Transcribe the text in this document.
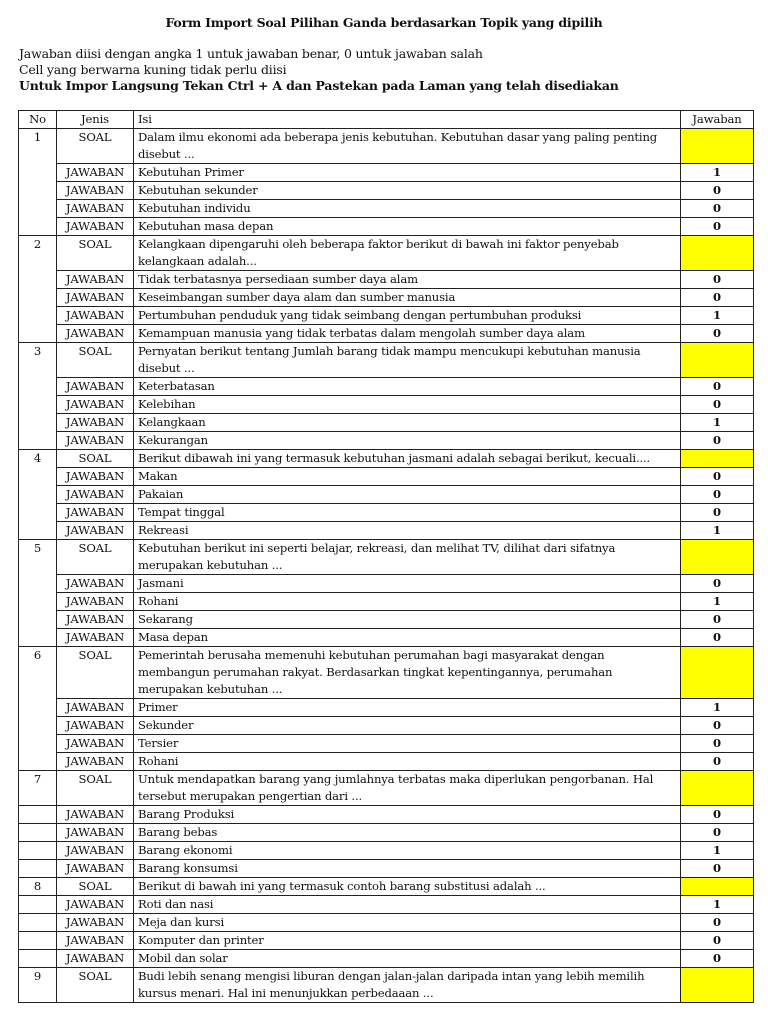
Form Import Soal Pilihan Ganda berdasarkan Topik yang dipilih
Jawaban diisi dengan angka 1 untuk jawaban benar, 0 untuk jawaban salah
Cell yang berwarna kuning tidak perlu diisi
Untuk Impor Langsung Tekan Ctrl + A dan Pastekan pada Laman yang telah disediakan
No	Jenis	Isi	Jawaban
1	SOAL	Dalam ilmu ekonomi ada beberapa jenis kebutuhan. Kebutuhan dasar yang paling penting disebut ...	
	JAWABAN	Kebutuhan Primer	1
	JAWABAN	Kebutuhan sekunder	0
	JAWABAN	Kebutuhan individu	0
	JAWABAN	Kebutuhan masa depan	0
2	SOAL	Kelangkaan dipengaruhi oleh beberapa faktor berikut di bawah ini faktor penyebab kelangkaan adalah...	
	JAWABAN	Tidak terbatasnya persediaan sumber daya alam	0
	JAWABAN	Keseimbangan sumber daya alam dan sumber manusia	0
	JAWABAN	Pertumbuhan penduduk yang tidak seimbang dengan pertumbuhan produksi	1
	JAWABAN	Kemampuan manusia yang tidak terbatas dalam mengolah sumber daya alam	0
3	SOAL	Pernyatan berikut tentang Jumlah barang tidak mampu mencukupi kebutuhan manusia disebut ...	
	JAWABAN	Keterbatasan	0
	JAWABAN	Kelebihan	0
	JAWABAN	Kelangkaan	1
	JAWABAN	Kekurangan	0
4	SOAL	Berikut dibawah ini yang termasuk kebutuhan jasmani adalah sebagai berikut, kecuali....	
	JAWABAN	Makan	0
	JAWABAN	Pakaian	0
	JAWABAN	Tempat tinggal	0
	JAWABAN	Rekreasi	1
5	SOAL	Kebutuhan berikut ini seperti belajar, rekreasi, dan melihat TV, dilihat dari sifatnya merupakan kebutuhan ...	
	JAWABAN	Jasmani	0
	JAWABAN	Rohani	1
	JAWABAN	Sekarang	0
	JAWABAN	Masa depan	0
6	SOAL	Pemerintah berusaha memenuhi kebutuhan perumahan bagi masyarakat dengan membangun perumahan rakyat. Berdasarkan tingkat kepentingannya, perumahan merupakan kebutuhan ...	
	JAWABAN	Primer	1
	JAWABAN	Sekunder	0
	JAWABAN	Tersier	0
	JAWABAN	Rohani	0
7	SOAL	Untuk mendapatkan barang yang jumlahnya terbatas maka diperlukan pengorbanan. Hal tersebut merupakan pengertian dari ...	
	JAWABAN	Barang Produksi	0
	JAWABAN	Barang bebas	0
	JAWABAN	Barang ekonomi	1
	JAWABAN	Barang konsumsi	0
8	SOAL	Berikut di bawah ini yang termasuk contoh barang substitusi adalah ...	
	JAWABAN	Roti dan nasi	1
	JAWABAN	Meja dan kursi	0
	JAWABAN	Komputer dan printer	0
	JAWABAN	Mobil dan solar	0
9	SOAL	Budi lebih senang mengisi liburan dengan jalan-jalan daripada intan yang lebih memilih kursus menari. Hal ini menunjukkan perbedaaan ...	
